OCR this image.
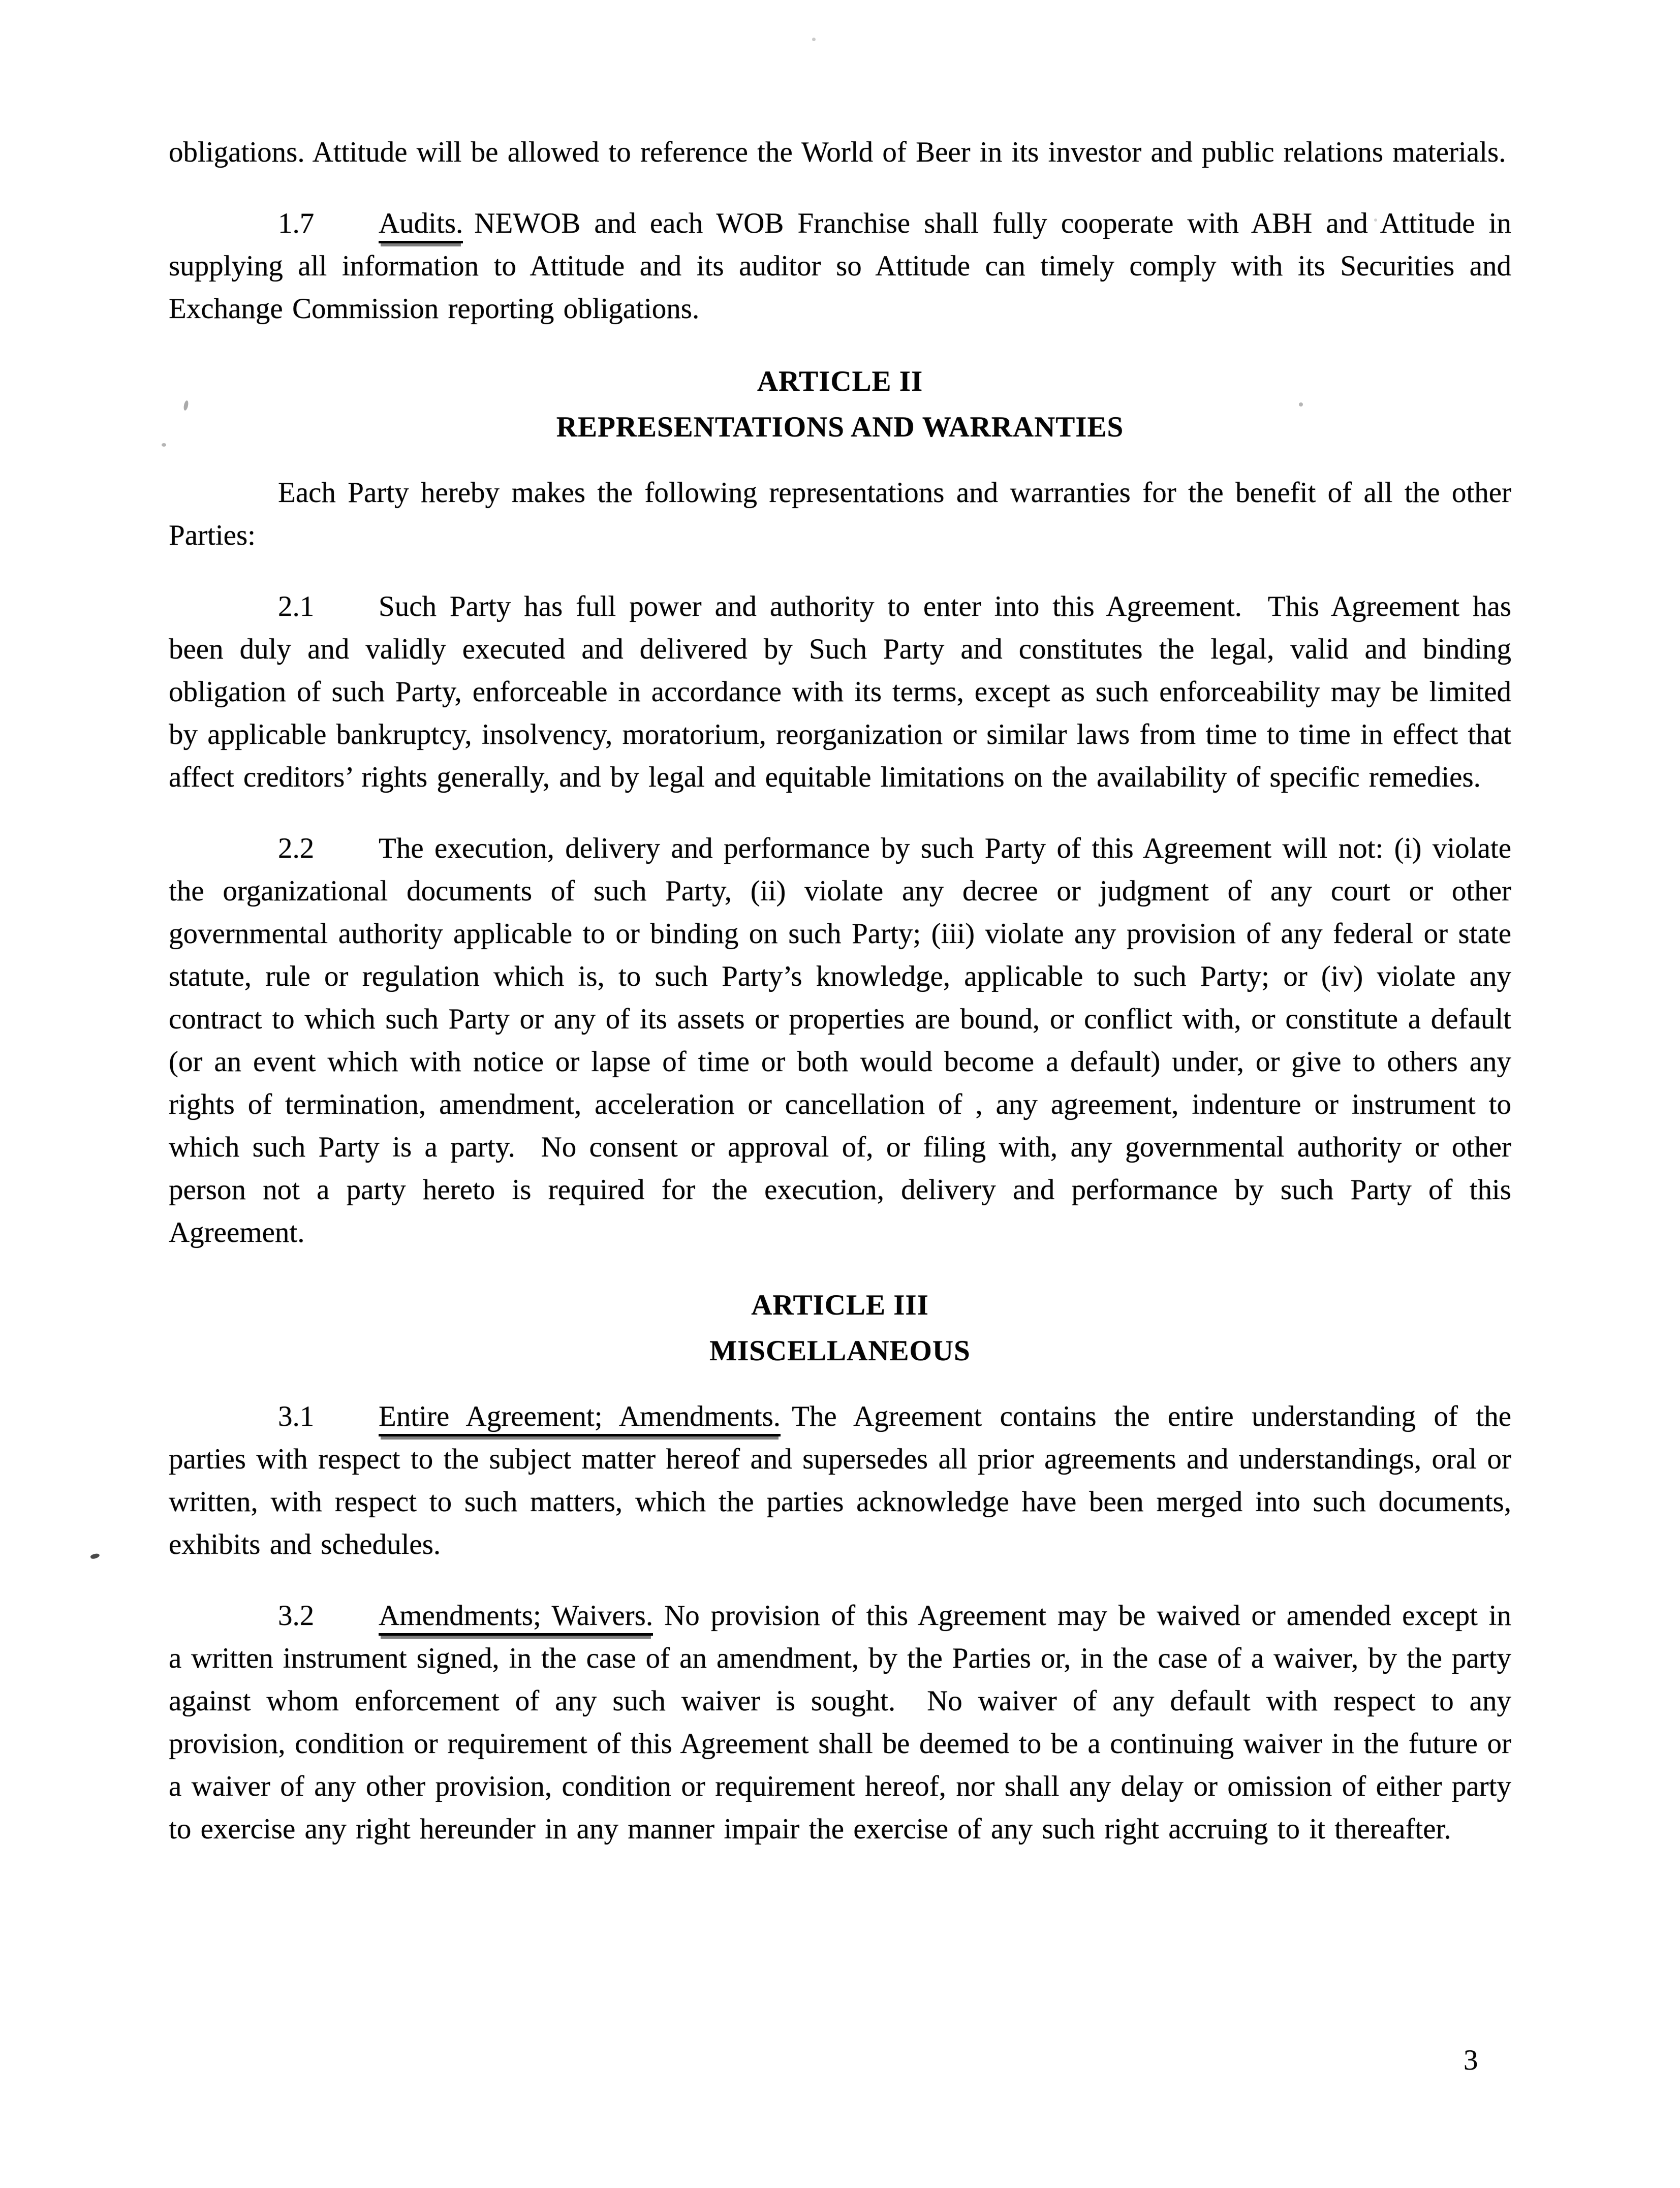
obligations. Attitude will be allowed to reference the World of Beer in its investor and public relations materials.

1.7 Audits. NEWOB and each WOB Franchise shall fully cooperate with ABH and Attitude in supplying all information to Attitude and its auditor so Attitude can timely comply with its Securities and Exchange Commission reporting obligations.

ARTICLE II
REPRESENTATIONS AND WARRANTIES

Each Party hereby makes the following representations and warranties for the benefit of all the other Parties:

2.1 Such Party has full power and authority to enter into this Agreement.  This Agreement has been duly and validly executed and delivered by Such Party and constitutes the legal, valid and binding obligation of such Party, enforceable in accordance with its terms, except as such enforceability may be limited by applicable bankruptcy, insolvency, moratorium, reorganization or similar laws from time to time in effect that affect creditors’ rights generally, and by legal and equitable limitations on the availability of specific remedies.

2.2 The execution, delivery and performance by such Party of this Agreement will not: (i) violate the organizational documents of such Party, (ii) violate any decree or judgment of any court or other governmental authority applicable to or binding on such Party; (iii) violate any provision of any federal or state statute, rule or regulation which is, to such Party’s knowledge, applicable to such Party; or (iv) violate any contract to which such Party or any of its assets or properties are bound, or conflict with, or constitute a default (or an event which with notice or lapse of time or both would become a default) under, or give to others any rights of termination, amendment, acceleration or cancellation of , any agreement, indenture or instrument to which such Party is a party.  No consent or approval of, or filing with, any governmental authority or other person not a party hereto is required for the execution, delivery and performance by such Party of this Agreement.

ARTICLE III
MISCELLANEOUS

3.1 Entire Agreement; Amendments. The Agreement contains the entire understanding of the parties with respect to the subject matter hereof and supersedes all prior agreements and understandings, oral or written, with respect to such matters, which the parties acknowledge have been merged into such documents, exhibits and schedules.

3.2 Amendments; Waivers. No provision of this Agreement may be waived or amended except in a written instrument signed, in the case of an amendment, by the Parties or, in the case of a waiver, by the party against whom enforcement of any such waiver is sought.  No waiver of any default with respect to any provision, condition or requirement of this Agreement shall be deemed to be a continuing waiver in the future or a waiver of any other provision, condition or requirement hereof, nor shall any delay or omission of either party to exercise any right hereunder in any manner impair the exercise of any such right accruing to it thereafter.

3
